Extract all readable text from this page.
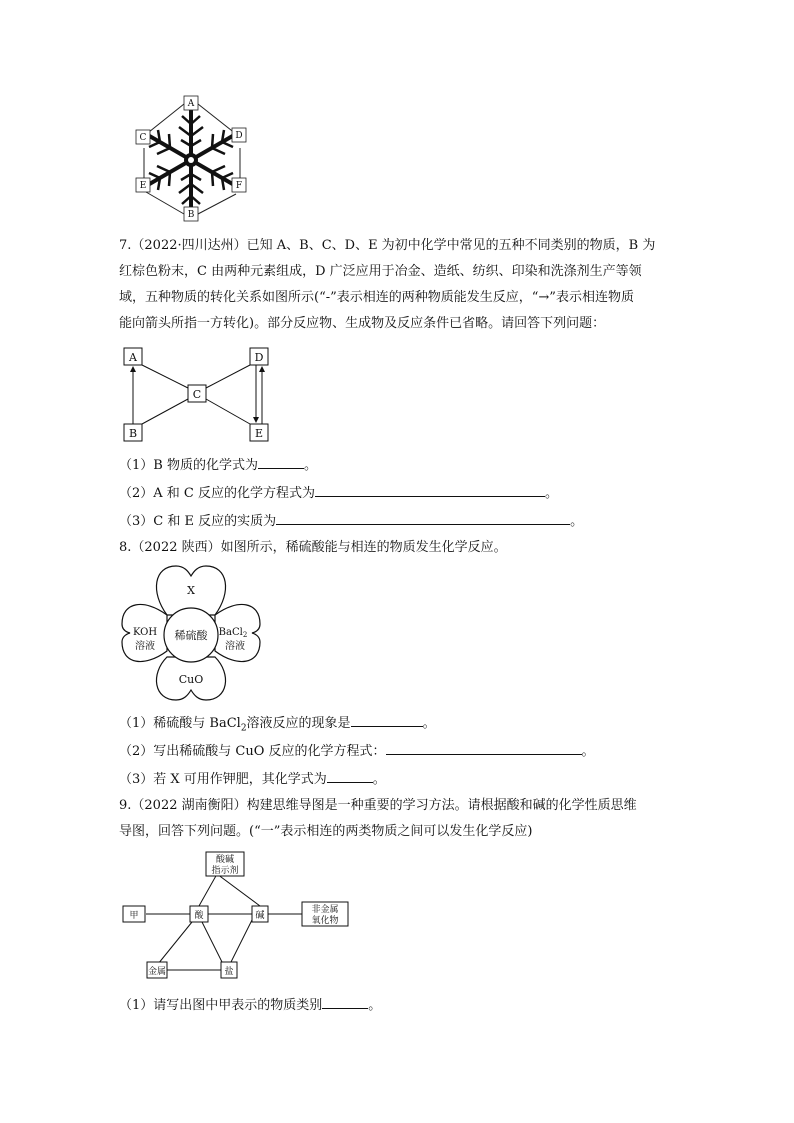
A
C	D
E	F
B
7.（2022·四川达州）已知 A、B、C、D、E 为初中化学中常见的五种不同类别的物质，B 为
红棕色粉末，C 由两种元素组成，D 广泛应用于冶金、造纸、纺织、印染和洗涤剂生产等领
域，五种物质的转化关系如图所示(“-”表示相连的两种物质能发生反应，“→”表示相连物质
能向箭头所指一方转化)。部分反应物、生成物及反应条件已省略。请回答下列问题：
A	D
C
B	E
（1）B 物质的化学式为	。
（2）A 和 C 反应的化学方程式为	。
（3）C 和 E 反应的实质为	。
8.（2022 陕西）如图所示，稀硫酸能与相连的物质发生化学反应。
X
稀硫酸
KOH
溶液
BaCl$_2$
溶液
CuO
（1）稀硫酸与 BaCl$_2$溶液反应的现象是	。
（2）写出稀硫酸与 CuO 反应的化学方程式：	。
（3）若 X 可用作钾肥，其化学式为	。
9.（2022 湖南衡阳）构建思维导图是一种重要的学习方法。请根据酸和碱的化学性质思维
导图，回答下列问题。(“一”表示相连的两类物质之间可以发生化学反应)
酸碱
指示剂
甲	酸	碱
非金属
氧化物
金属	盐
（1）请写出图中甲表示的物质类别	。
